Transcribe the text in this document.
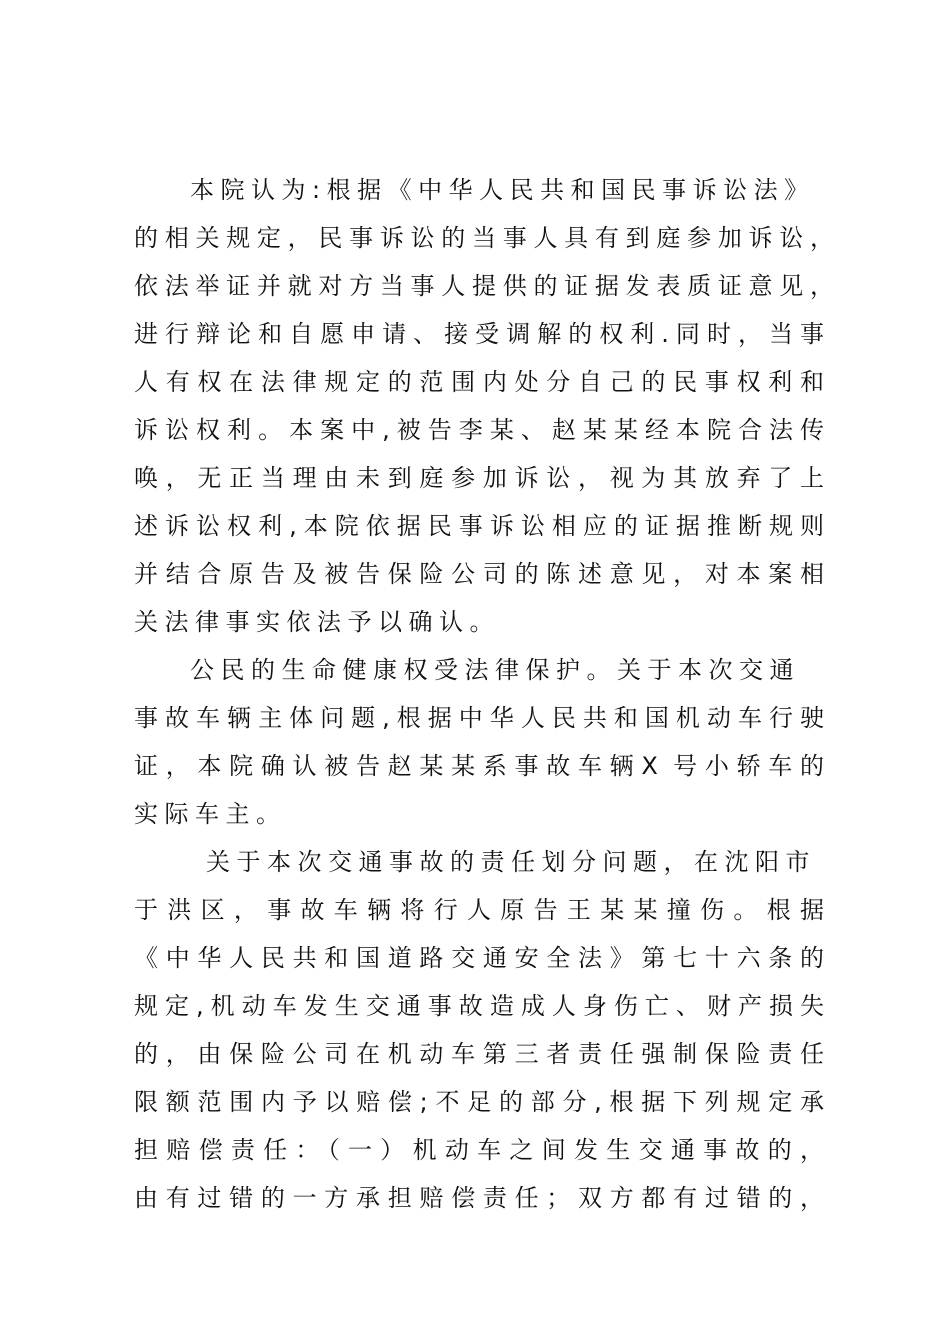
本院认为:根据《中华人民共和国民事诉讼法》
的相关规定，民事诉讼的当事人具有到庭参加诉讼，
依法举证并就对方当事人提供的证据发表质证意见，
进行辩论和自愿申请、接受调解的权利.同时，当事
人有权在法律规定的范围内处分自己的民事权利和
诉讼权利。本案中,被告李某、赵某某经本院合法传
唤，无正当理由未到庭参加诉讼，视为其放弃了上
述诉讼权利,本院依据民事诉讼相应的证据推断规则
并结合原告及被告保险公司的陈述意见，对本案相
关法律事实依法予以确认。
公民的生命健康权受法律保护。关于本次交通
事故车辆主体问题,根据中华人民共和国机动车行驶
证，本院确认被告赵某某系事故车辆X 号小轿车的
实际车主。
关于本次交通事故的责任划分问题，在沈阳市
于洪区，事故车辆将行人原告王某某撞伤。根据
《中华人民共和国道路交通安全法》第七十六条的
规定,机动车发生交通事故造成人身伤亡、财产损失
的，由保险公司在机动车第三者责任强制保险责任
限额范围内予以赔偿;不足的部分,根据下列规定承
担赔偿责任：（一）机动车之间发生交通事故的，
由有过错的一方承担赔偿责任；双方都有过错的，
